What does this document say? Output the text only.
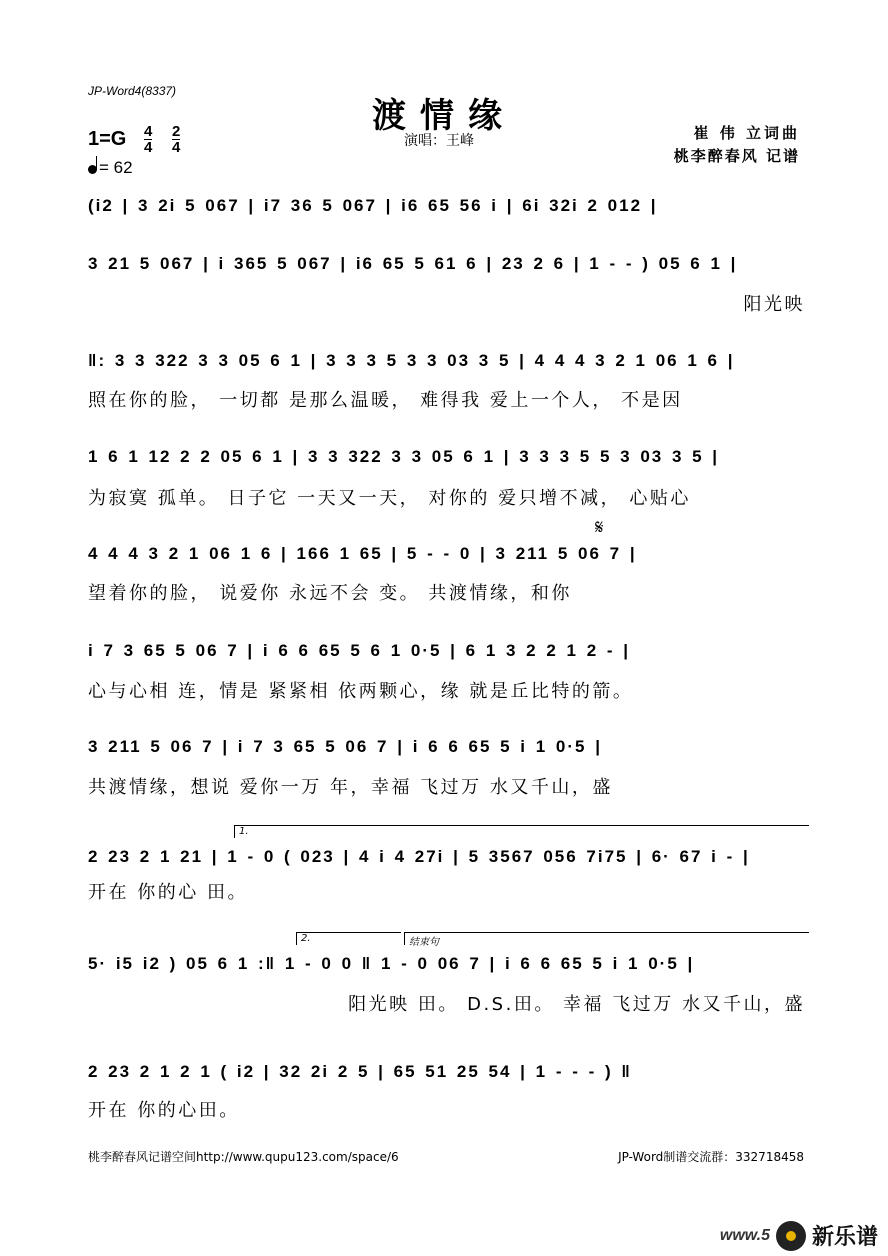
JP-Word4(8337)
渡情缘
演唱：王峰
$1=G \frac{4}{4} \frac{2}{4}$
= 62
崔 伟 立词曲
桃李醉春风 记谱
(i2 | 3 2i 5 067 | i7 36 5 067 | i6 65 56 i | 6i 32i 2 012 |
3 21 5 067 | i 365 5 067 | i6 65 5 61 6 | 23 2 6 | 1 - - ) 05 6 1 |
阳光映
‖: 3 3 322 3 3 05 6 1 | 3 3 3 5 3 3 03 3 5 | 4 4 4 3 2 1 06 1 6 |
照在你的脸， 一切都 是那么温暖， 难得我 爱上一个人， 不是因
1 6 1 12 2 2 05 6 1 | 3 3 322 3 3 05 6 1 | 3 3 3 5 5 3 03 3 5 |
为寂寞 孤单。 日子它 一天又一天， 对你的 爱只增不减， 心贴心
𝄋
4 4 4 3 2 1 06 1 6 | 166 1 65 | 5 - - 0 | 3 211 5 06 7 |
望着你的脸， 说爱你 永远不会 变。 共渡情缘，和你
i 7 3 65 5 06 7 | i 6 6 65 5 6 1 0·5 | 6 1 3 2 2 1 2 - |
心与心相 连，情是 紧紧相 依两颗心，缘 就是丘比特的箭。
3 211 5 06 7 | i 7 3 65 5 06 7 | i 6 6 65 5 i 1 0·5 |
共渡情缘，想说 爱你一万 年，幸福 飞过万 水又千山，盛
1.
2 23 2 1 21 | 1 - 0 ( 023 | 4 i 4 27i | 5 3567 056 7i75 | 6· 67 i - |
开在 你的心 田。
2.	结束句
5· i5 i2 ) 05 6 1 :‖ 1 - 0 0 ‖ 1 - 0 06 7 | i 6 6 65 5 i 1 0·5 |
阳光映 田。 D.S.田。 幸福 飞过万 水又千山，盛
2 23 2 1 2 1 ( i2 | 32 2i 2 5 | 65 51 25 54 | 1 - - - ) ‖
开在 你的心田。
桃李醉春风记谱空间http://www.qupu123.com/space/6	JP-Word制谱交流群：332718458
www.5 新乐谱
